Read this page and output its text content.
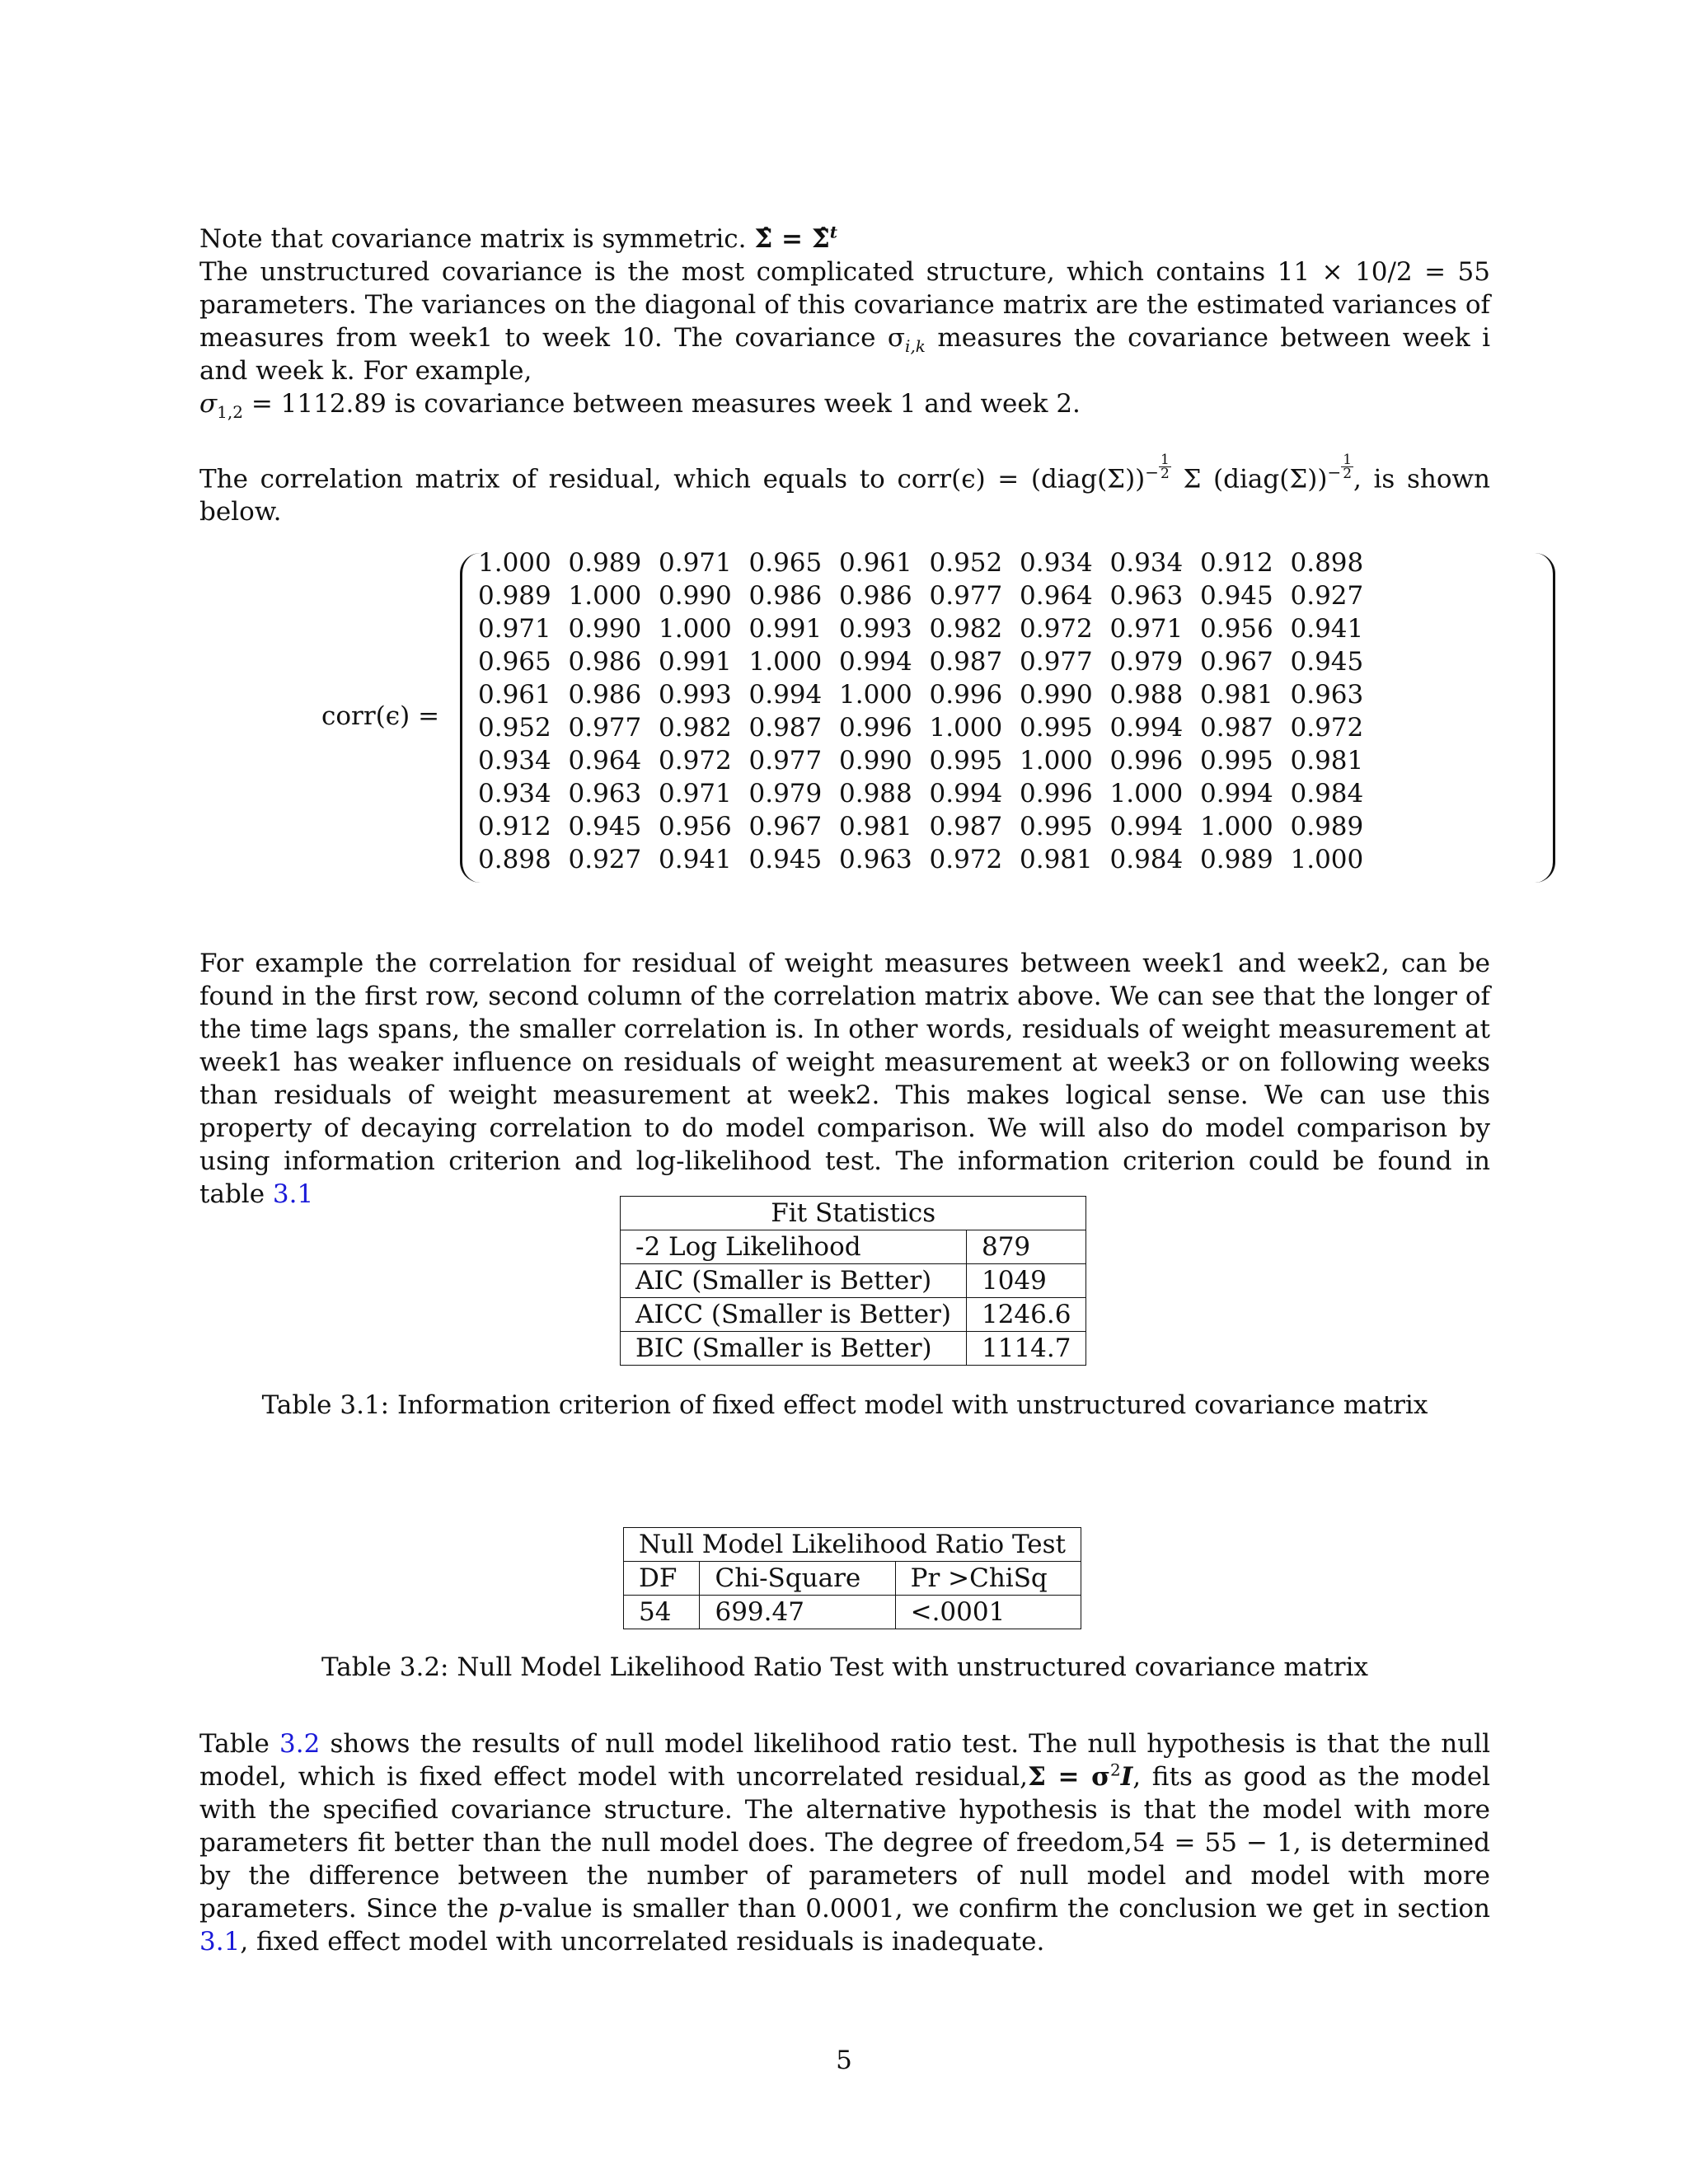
Note that covariance matrix is symmetric. Σ̂ = Σ̂$^t$
The unstructured covariance is the most complicated structure, which contains 11 × 10/2 = 55 parameters. The variances on the diagonal of this covariance matrix are the estimated variances of measures from week1 to week 10. The covariance $\sigma_{i,k}$ measures the covariance between week i and week k. For example,
$\sigma_{1,2} = 1112.89$ is covariance between measures week 1 and week 2.

The correlation matrix of residual, which equals to corr(ϵ) = (diag(Σ))− $\frac{1}{2}$ Σ (diag(Σ))− $\frac{1}{2}$ , is shown below.

corr(ϵ) =
1.000	0.989	0.971	0.965	0.961	0.952	0.934	0.934	0.912	0.898
0.989	1.000	0.990	0.986	0.986	0.977	0.964	0.963	0.945	0.927
0.971	0.990	1.000	0.991	0.993	0.982	0.972	0.971	0.956	0.941
0.965	0.986	0.991	1.000	0.994	0.987	0.977	0.979	0.967	0.945
0.961	0.986	0.993	0.994	1.000	0.996	0.990	0.988	0.981	0.963
0.952	0.977	0.982	0.987	0.996	1.000	0.995	0.994	0.987	0.972
0.934	0.964	0.972	0.977	0.990	0.995	1.000	0.996	0.995	0.981
0.934	0.963	0.971	0.979	0.988	0.994	0.996	1.000	0.994	0.984
0.912	0.945	0.956	0.967	0.981	0.987	0.995	0.994	1.000	0.989
0.898	0.927	0.941	0.945	0.963	0.972	0.981	0.984	0.989	1.000

For example the correlation for residual of weight measures between week1 and week2, can be found in the first row, second column of the correlation matrix above. We can see that the longer of the time lags spans, the smaller correlation is. In other words, residuals of weight measurement at week1 has weaker influence on residuals of weight measurement at week3 or on following weeks than residuals of weight measurement at week2. This makes logical sense. We can use this property of decaying correlation to do model comparison. We will also do model comparison by using information criterion and log-likelihood test. The information criterion could be found in table 3.1

Fit Statistics	
-2 Log Likelihood	879
AIC (Smaller is Better)	1049
AICC (Smaller is Better)	1246.6
BIC (Smaller is Better)	1114.7
Table 3.1: Information criterion of fixed effect model with unstructured covariance matrix
Null Model Likelihood Ratio Test		
DF	Chi-Square	Pr >ChiSq
54	699.47	<.0001
Table 3.2: Null Model Likelihood Ratio Test with unstructured covariance matrix

Table 3.2 shows the results of null model likelihood ratio test. The null hypothesis is that the null model, which is fixed effect model with uncorrelated residual,Σ = $\sigma^2I$, fits as good as the model with the specified covariance structure. The alternative hypothesis is that the model with more parameters fit better than the null model does. The degree of freedom,54 = 55 − 1, is determined by the difference between the number of parameters of null model and model with more parameters. Since the p-value is smaller than 0.0001, we confirm the conclusion we get in section 3.1, fixed effect model with uncorrelated residuals is inadequate.

5
